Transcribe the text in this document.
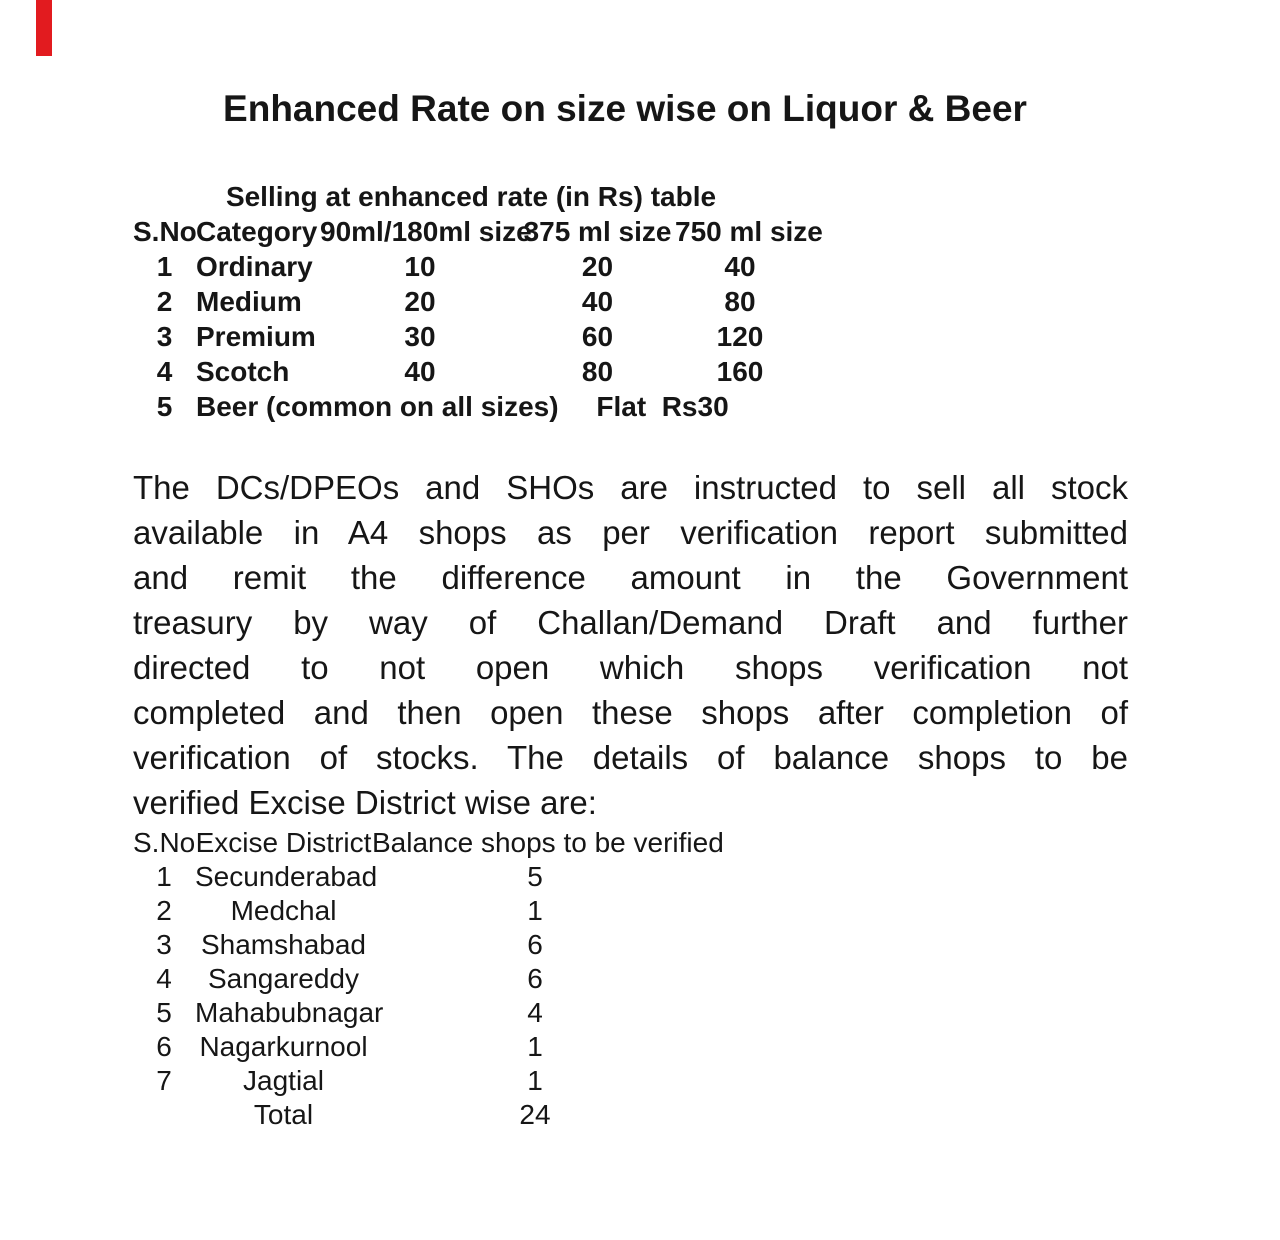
Enhanced Rate on size wise on Liquor & Beer
Selling at enhanced rate (in Rs) table
S.No	Category	90ml/180ml size	375 ml size	750 ml size
1	Ordinary	10	20	40
2	Medium	20	40	80
3	Premium	30	60	120
4	Scotch	40	80	160
5	Beer (common on all sizes)		Flat  Rs30	
The DCs/DPEOs and SHOs are instructed to sell all stock
available in A4 shops as per verification report submitted
and remit the difference amount in the Government
treasury by way of Challan/Demand Draft and further
directed to not open which shops verification not
completed and then open these shops after completion of
verification of stocks. The details of balance shops to be
verified Excise District wise are:
S.No	Excise District	Balance shops to be verified
1	Secunderabad	5
2	Medchal	1
3	Shamshabad	6
4	Sangareddy	6
5	Mahabubnagar	4
6	Nagarkurnool	1
7	Jagtial	1
	Total	24
